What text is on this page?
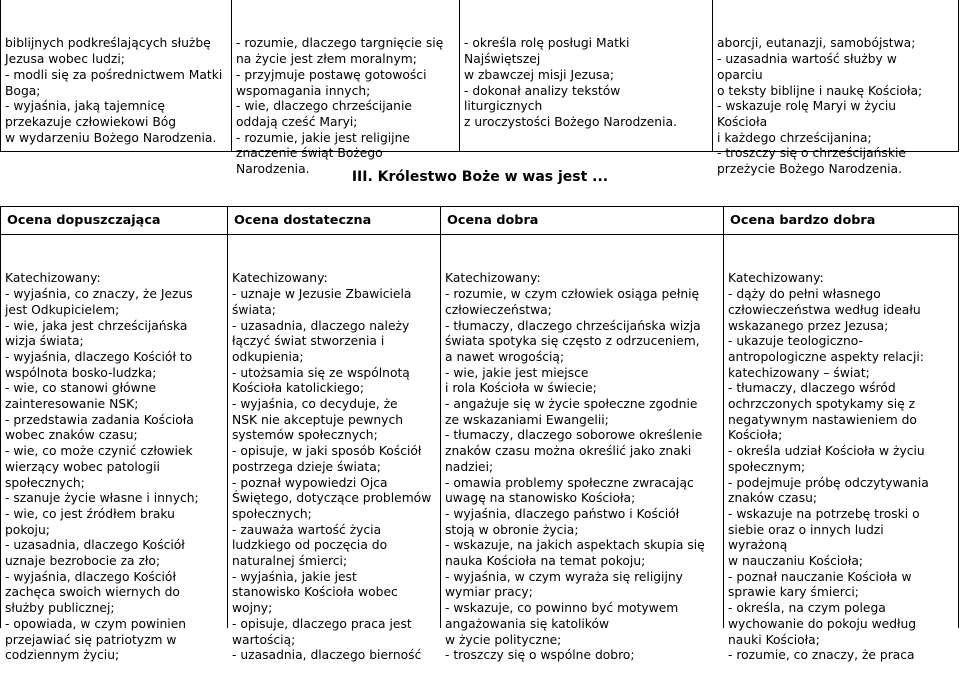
biblijnych podkreślających służbę
Jezusa wobec ludzi;
- modli się za pośrednictwem Matki
Boga;
- wyjaśnia, jaką tajemnicę
przekazuje człowiekowi Bóg
w wydarzeniu Bożego Narodzenia.

- rozumie, dlaczego targnięcie się
na życie jest złem moralnym;
- przyjmuje postawę gotowości
wspomagania innych;
- wie, dlaczego chrześcijanie
oddają cześć Maryi;
- rozumie, jakie jest religijne
znaczenie świąt Bożego
Narodzenia.

- określa rolę posługi Matki
Najświętszej
w zbawczej misji Jezusa;
- dokonał analizy tekstów
liturgicznych
z uroczystości Bożego Narodzenia.

aborcji, eutanazji, samobójstwa;
- uzasadnia wartość służby w
oparciu
o teksty biblijne i naukę Kościoła;
- wskazuje rolę Maryi w życiu
Kościoła
i każdego chrześcijanina;
- troszczy się o chrześcijańskie
przeżycie Bożego Narodzenia.

III. Królestwo Boże w was jest ...
Ocena dopuszczająca	Ocena dostateczna	Ocena dobra	Ocena bardzo dobra

Katechizowany:
- wyjaśnia, co znaczy, że Jezus
jest Odkupicielem;
- wie, jaka jest chrześcijańska
wizja świata;
- wyjaśnia, dlaczego Kościół to
wspólnota bosko-ludzka;
- wie, co stanowi główne
zainteresowanie NSK;
- przedstawia zadania Kościoła
wobec znaków czasu;
- wie, co może czynić człowiek
wierzący wobec patologii
społecznych;
- szanuje życie własne i innych;
- wie, co jest źródłem braku
pokoju;
- uzasadnia, dlaczego Kościół
uznaje bezrobocie za zło;
- wyjaśnia, dlaczego Kościół
zachęca swoich wiernych do
służby publicznej;
- opowiada, w czym powinien
przejawiać się patriotyzm w
codziennym życiu;

Katechizowany:
- uznaje w Jezusie Zbawiciela
świata;
- uzasadnia, dlaczego należy
łączyć świat stworzenia i
odkupienia;
- utożsamia się ze wspólnotą
Kościoła katolickiego;
- wyjaśnia, co decyduje, że
NSK nie akceptuje pewnych
systemów społecznych;
- opisuje, w jaki sposób Kościół
postrzega dzieje świata;
- poznał wypowiedzi Ojca
Świętego, dotyczące problemów
społecznych;
- zauważa wartość życia
ludzkiego od poczęcia do
naturalnej śmierci;
- wyjaśnia, jakie jest
stanowisko Kościoła wobec
wojny;
- opisuje, dlaczego praca jest
wartością;
- uzasadnia, dlaczego bierność

Katechizowany:
- rozumie, w czym człowiek osiąga pełnię
człowieczeństwa;
- tłumaczy, dlaczego chrześcijańska wizja
świata spotyka się często z odrzuceniem,
a nawet wrogością;
- wie, jakie jest miejsce
i rola Kościoła w świecie;
- angażuje się w życie społeczne zgodnie
ze wskazaniami Ewangelii;
- tłumaczy, dlaczego soborowe określenie
znaków czasu można określić jako znaki
nadziei;
- omawia problemy społeczne zwracając
uwagę na stanowisko Kościoła;
- wyjaśnia, dlaczego państwo i Kościół
stoją w obronie życia;
- wskazuje, na jakich aspektach skupia się
nauka Kościoła na temat pokoju;
- wyjaśnia, w czym wyraża się religijny
wymiar pracy;
- wskazuje, co powinno być motywem
angażowania się katolików
w życie polityczne;
- troszczy się o wspólne dobro;

Katechizowany:
- dąży do pełni własnego
człowieczeństwa według ideału
wskazanego przez Jezusa;
- ukazuje teologiczno-
antropologiczne aspekty relacji:
katechizowany – świat;
- tłumaczy, dlaczego wśród
ochrzczonych spotykamy się z
negatywnym nastawieniem do
Kościoła;
- określa udział Kościoła w życiu
społecznym;
- podejmuje próbę odczytywania
znaków czasu;
- wskazuje na potrzebę troski o
siebie oraz o innych ludzi
wyrażoną
w nauczaniu Kościoła;
- poznał nauczanie Kościoła w
sprawie kary śmierci;
- określa, na czym polega
wychowanie do pokoju według
nauki Kościoła;
- rozumie, co znaczy, że praca
